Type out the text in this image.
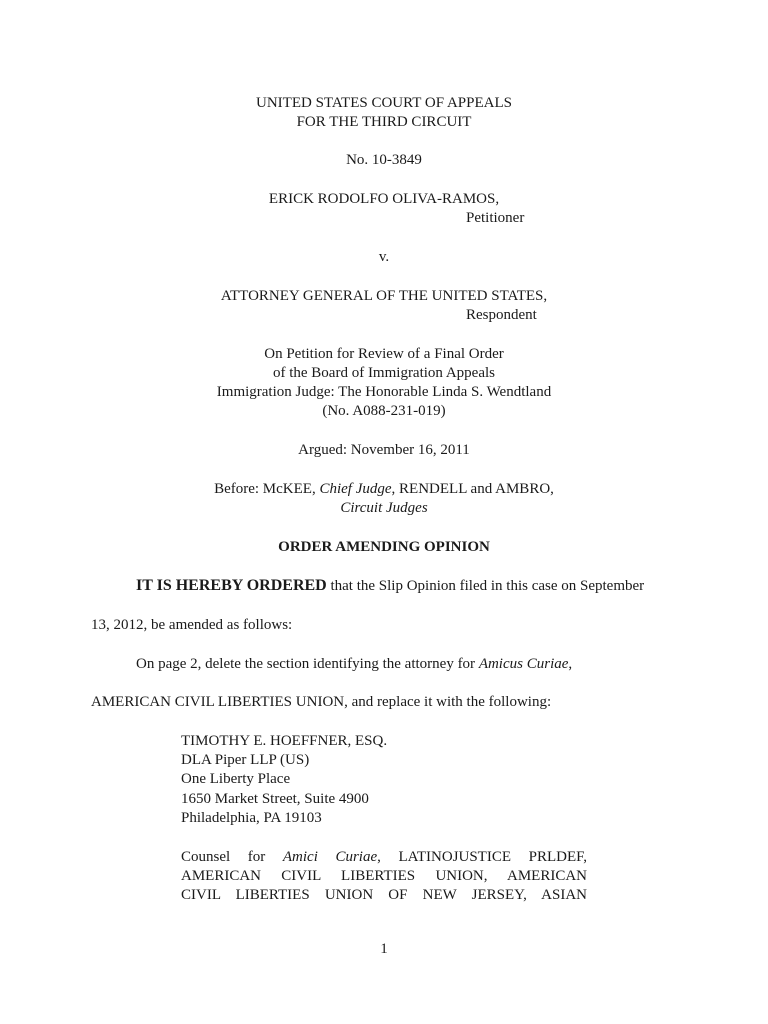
UNITED STATES COURT OF APPEALS
FOR THE THIRD CIRCUIT
No. 10-3849
ERICK RODOLFO OLIVA-RAMOS,
Petitioner
v.
ATTORNEY GENERAL OF THE UNITED STATES,
Respondent
On Petition for Review of a Final Order
of the Board of Immigration Appeals
Immigration Judge: The Honorable Linda S. Wendtland
(No. A088-231-019)
Argued: November 16, 2011
Before: McKEE, Chief Judge, RENDELL and AMBRO,
Circuit Judges
ORDER AMENDING OPINION
IT IS HEREBY ORDERED that the Slip Opinion filed in this case on September
13, 2012, be amended as follows:
On page 2, delete the section identifying the attorney for Amicus Curiae,
AMERICAN CIVIL LIBERTIES UNION, and replace it with the following:
TIMOTHY E. HOEFFNER, ESQ.
DLA Piper LLP (US)
One Liberty Place
1650 Market Street, Suite 4900
Philadelphia, PA 19103
Counsel for Amici Curiae, LATINOJUSTICE PRLDEF,
AMERICAN CIVIL LIBERTIES UNION, AMERICAN
CIVIL LIBERTIES UNION OF NEW JERSEY, ASIAN
1
